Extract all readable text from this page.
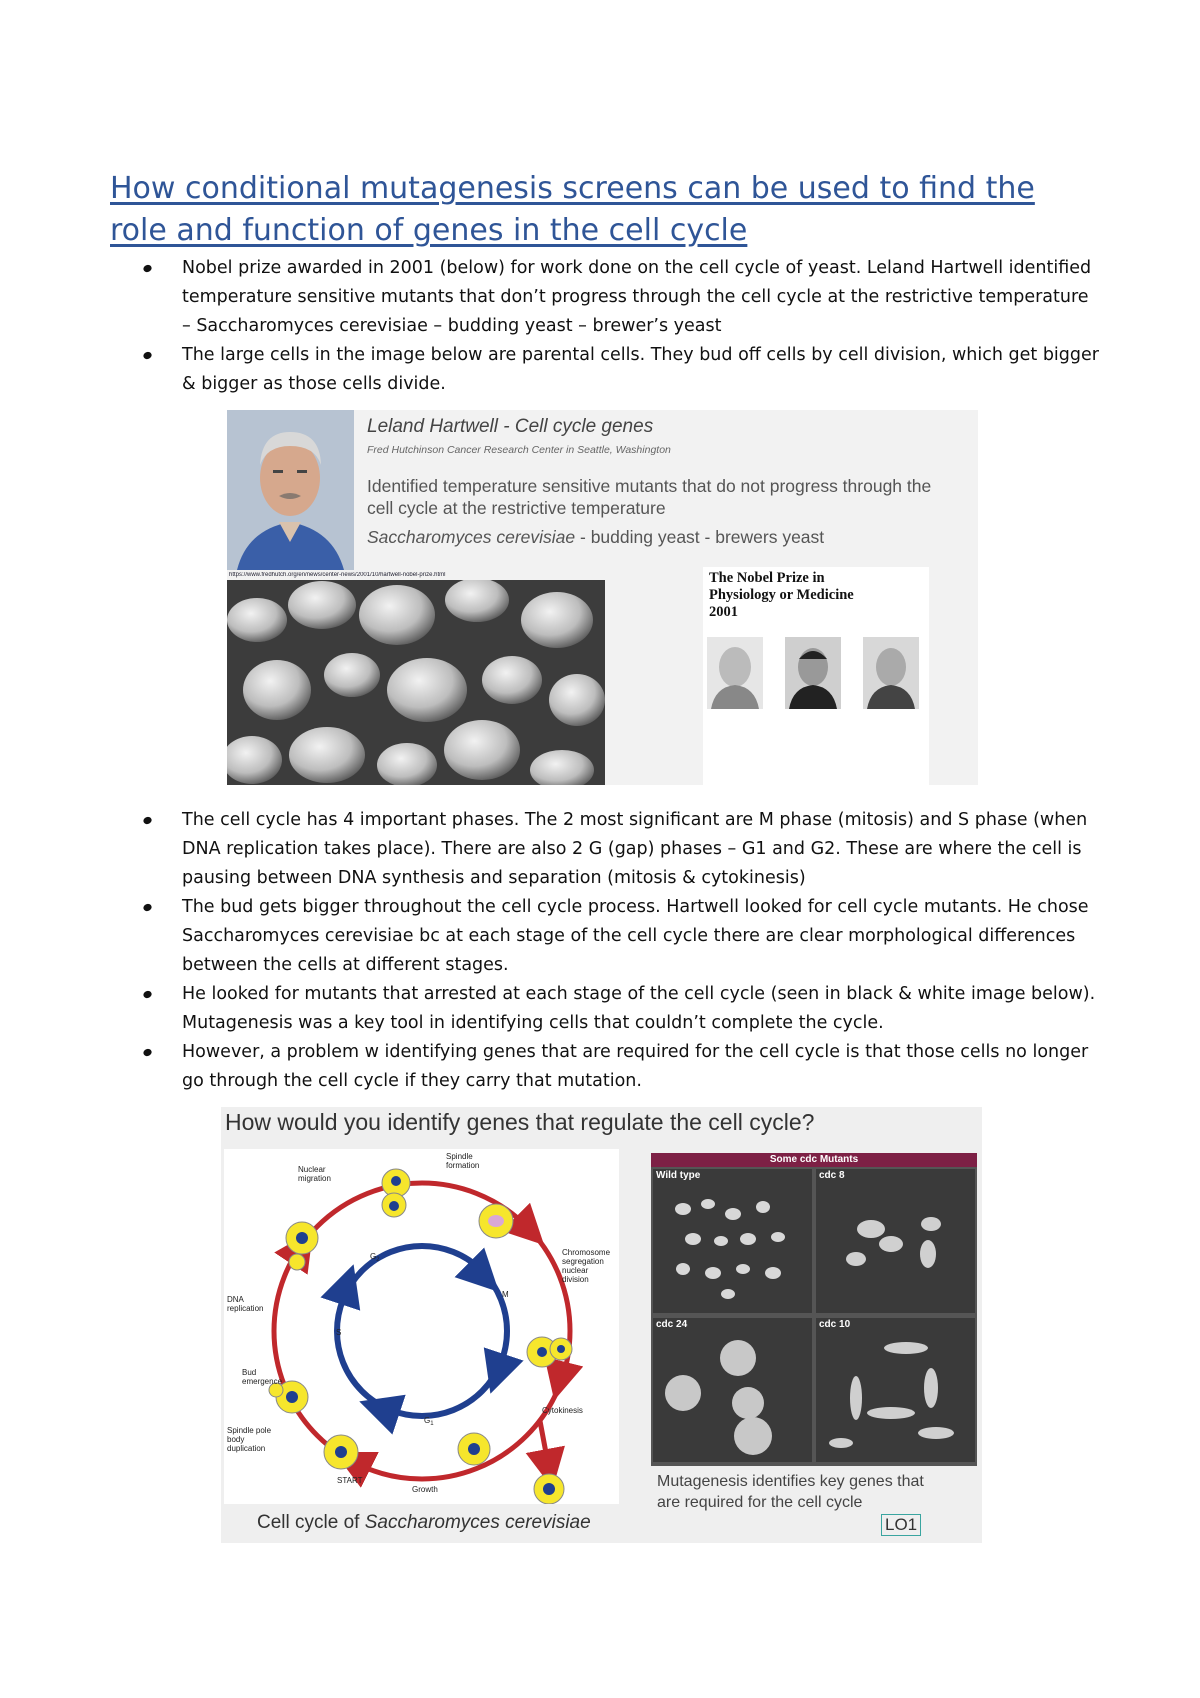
How conditional mutagenesis screens can be used to find the role and function of genes in the cell cycle
Nobel prize awarded in 2001 (below) for work done on the cell cycle of yeast. Leland Hartwell identified temperature sensitive mutants that don’t progress through the cell cycle at the restrictive temperature – Saccharomyces cerevisiae – budding yeast – brewer’s yeast
The large cells in the image below are parental cells. They bud off cells by cell division, which get bigger & bigger as those cells divide.
Leland Hartwell - Cell cycle genes
Fred Hutchinson Cancer Research Center in Seattle, Washington
Identified temperature sensitive mutants that do not progress through the
cell cycle at the restrictive temperature
Saccharomyces cerevisiae - budding yeast - brewers yeast
https://www.fredhutch.org/en/news/center-news/2001/10/hartwell-nobel-prize.html	The Nobel Prize in
Physiology or Medicine
2001
The cell cycle has 4 important phases. The 2 most significant are M phase (mitosis) and S phase (when DNA replication takes place). There are also 2 G (gap) phases – G1 and G2. These are where the cell is pausing between DNA synthesis and separation (mitosis & cytokinesis)
The bud gets bigger throughout the cell cycle process. Hartwell looked for cell cycle mutants. He chose Saccharomyces cerevisiae bc at each stage of the cell cycle there are clear morphological differences between the cells at different stages.
He looked for mutants that arrested at each stage of the cell cycle (seen in black & white image below). Mutagenesis was a key tool in identifying cells that couldn’t complete the cycle.
However, a problem w identifying genes that are required for the cell cycle is that those cells no longer go through the cell cycle if they carry that mutation.
How would you identify genes that regulate the cell cycle?
Nuclear
migration
Spindle
formation
Chromosome
segregation
nuclear
division
DNA
replication
Bud
emergence
Spindle pole
body
duplication
START
Growth
Cytokinesis
$G_2$
M
S
$G_1$
Cell cycle of Saccharomyces cerevisiae
Some cdc Mutants
Wild type	cdc 8
cdc 24	cdc 10
Mutagenesis identifies key genes that
are required for the cell cycle
LO1
